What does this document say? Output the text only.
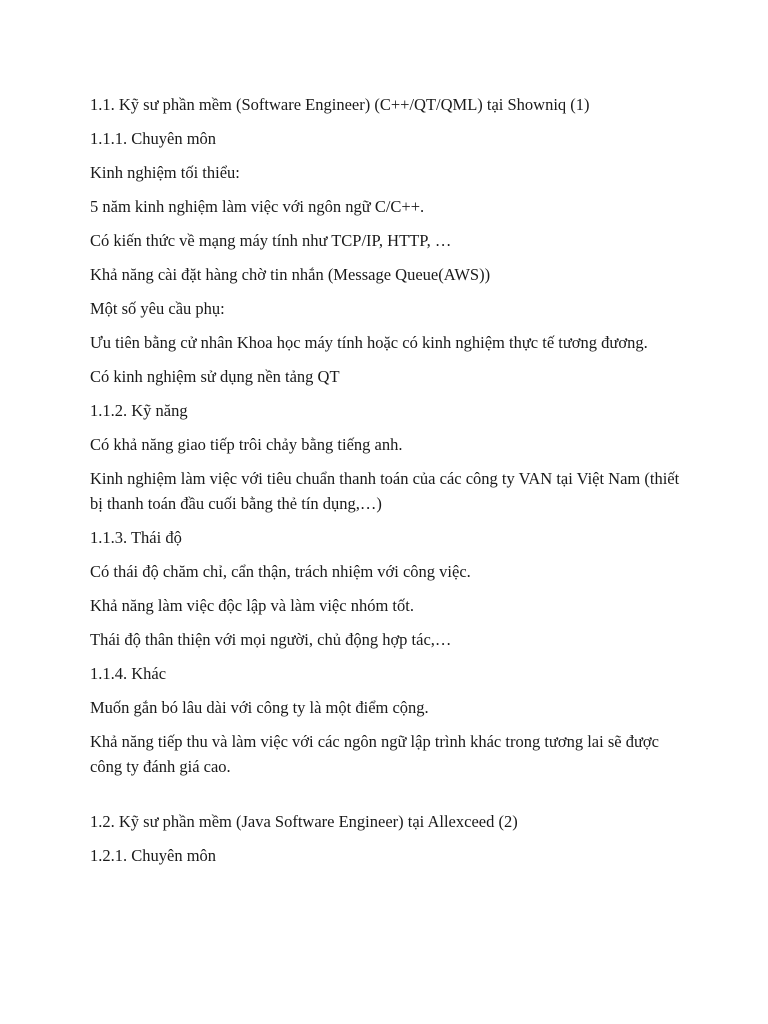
1.1. Kỹ sư phần mềm (Software Engineer) (C++/QT/QML) tại Showniq (1)

1.1.1. Chuyên môn

Kinh nghiệm tối thiểu:

5 năm kinh nghiệm làm việc với ngôn ngữ C/C++.

Có kiến thức về mạng máy tính như TCP/IP, HTTP, …

Khả năng cài đặt hàng chờ tin nhắn (Message Queue(AWS))

Một số yêu cầu phụ:

Ưu tiên bằng cử nhân Khoa học máy tính hoặc có kinh nghiệm thực tế tương đương.

Có kinh nghiệm sử dụng nền tảng QT

1.1.2. Kỹ năng

Có khả năng giao tiếp trôi chảy bằng tiếng anh.

Kinh nghiệm làm việc với tiêu chuẩn thanh toán của các công ty VAN tại Việt Nam (thiết bị thanh toán đầu cuối bằng thẻ tín dụng,…)

1.1.3. Thái độ

Có thái độ chăm chỉ, cẩn thận, trách nhiệm với công việc.

Khả năng làm việc độc lập và làm việc nhóm tốt.

Thái độ thân thiện với mọi người, chủ động hợp tác,…

1.1.4. Khác

Muốn gắn bó lâu dài với công ty là một điểm cộng.

Khả năng tiếp thu và làm việc với các ngôn ngữ lập trình khác trong tương lai sẽ được công ty đánh giá cao.

1.2. Kỹ sư phần mềm (Java Software Engineer) tại Allexceed (2)

1.2.1. Chuyên môn
